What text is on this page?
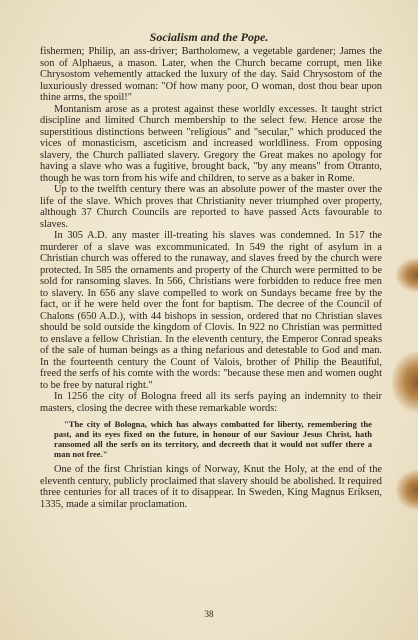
Socialism and the Pope.

fishermen; Philip, an ass-driver; Bartholomew, a vegetable gardener; James the son of Alphaeus, a mason. Later, when the Church became corrupt, men like Chrysostom vehemently attacked the luxury of the day. Said Chrysostom of the luxuriously dressed woman: "Of how many poor, O woman, dost thou bear upon thine arms, the spoil!"

Montanism arose as a protest against these worldly excesses. It taught strict discipline and limited Church membership to the select few. Hence arose the superstitious distinctions between "religious" and "secular," which produced the vices of monasticism, asceticism and increased worldliness. From opposing slavery, the Church palliated slavery. Gregory the Great makes no apology for having a slave who was a fugitive, brought back, "by any means" from Otranto, though he was torn from his wife and children, to serve as a baker in Rome.

Up to the twelfth century there was an absolute power of the master over the life of the slave. Which proves that Christianity never triumphed over property, although 37 Church Councils are reported to have passed Acts favourable to slaves.

In 305 A.D. any master ill-treating his slaves was condemned. In 517 the murderer of a slave was excommunicated. In 549 the right of asylum in a Christian church was offered to the runaway, and slaves freed by the church were protected. In 585 the ornaments and property of the Church were permitted to be sold for ransoming slaves. In 566, Christians were forbidden to reduce free men to slavery. In 656 any slave compelled to work on Sundays became free by the fact, or if he were held over the font for baptism. The decree of the Council of Chalons (650 A.D.), with 44 bishops in session, ordered that no Christian slaves should be sold outside the kingdom of Clovis. In 922 no Christian was permitted to enslave a fellow Christian. In the eleventh century, the Emperor Conrad speaks of the sale of human beings as a thing nefarious and detestable to God and man. In the fourteenth century the Count of Valois, brother of Philip the Beautiful, freed the serfs of his comte with the words: "because these men and women ought to be free by natural right."

In 1256 the city of Bologna freed all its serfs paying an indemnity to their masters, closing the decree with these remarkable words:

"The city of Bologna, which has always combatted for liberty, remembering the past, and its eyes fixed on the future, in honour of our Saviour Jesus Christ, hath ransomed all the serfs on its territory, and decreeth that it would not suffer there a man not free."

One of the first Christian kings of Norway, Knut the Holy, at the end of the eleventh century, publicly proclaimed that slavery should be abolished. It required three centuries for all traces of it to disappear. In Sweden, King Magnus Eriksen, 1335, made a similar proclamation.

38
